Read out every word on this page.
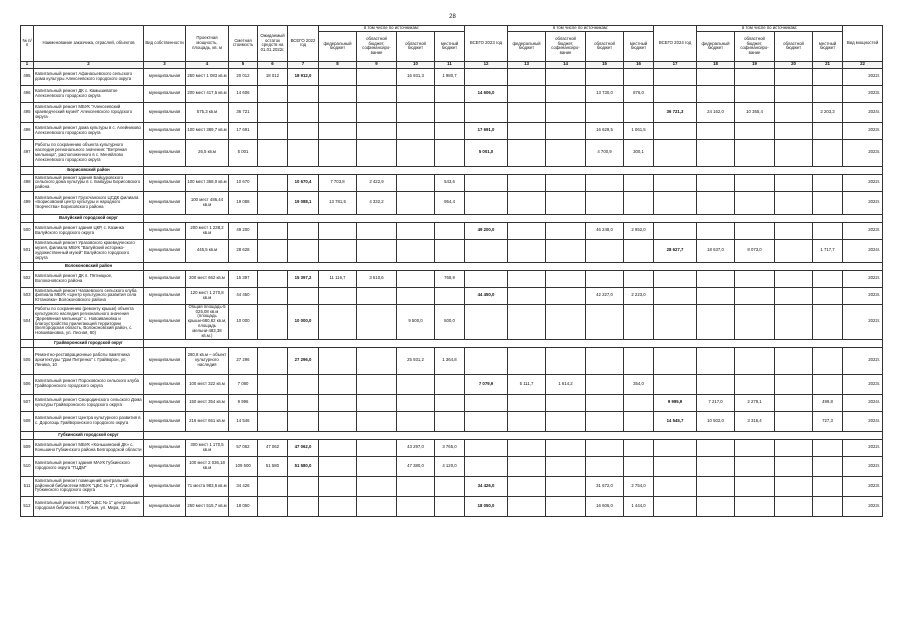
28
№ п/п	Наименование заказчика, отраслей, объектов	Вид собственности	Проектная мощность, площадь, кв. м	Сметная стоимость	Ожидаемый остаток средств на 01.01.2022г.	ВСЕГО 2022 год	в том числе по источникам:				ВСЕГО 2023 год	в том числе по источникам:				ВСЕГО 2024 год	в том числе по источникам:				Вид мощностей
							федеральный бюджет	областной бюджет, софинансиро-вание	областной бюджет	местный бюджет		федеральный бюджет	областной бюджет, софинансиро-вание	областной бюджет	местный бюджет		федеральный бюджет	областной бюджет, софинансиро-вание	областной бюджет	местный бюджет	
1	2	3	4	5	6	7	8	9	10	11	12	13	14	15	16	17	18	19	20	21	22
495	Капитальный ремонт Афанасьевского сельского дома культуры Алексеевского городского округа	муниципальная	250 мест 1 083 кв.м	20 012	18 012	18 912,0			16 931,3	1 980,7											2022г.
496	Капитальный ремонт ДК с. Камышеватое Алексеевского городского округа	муниципальная	200 мест 417,5 кв.м	14 606							14 606,0			13 730,0	876,0						2023г.
495	Капитальный ремонт МБУК "Алексеевский краеведческий музей" Алексеевского городского округа	муниципальная	575,3 кв.м	36 721												36 721,3	24 162,0	10 355,4		2 203,3	2024г.
496	Капитальный ремонт дома культуры в с. Алейниково Алексеевского городского округа	муниципальная	100 мест 389,7 кв.м	17 691							17 691,0			16 629,5	1 061,5						2023г.
497	Работы по сохранению объекта культурного наследия регионального значения: "Ветряная мельница", расположенного в с. Меняйлово Алексеевского городского округа	муниципальная	26,5 кв.м	5 001							5 001,0			4 700,9	300,1						2023г.
	Борисовский район																				
498	Капитальный ремонт здания Байцуровского сельского дома культуры в с. Байцуры Борисовского района	муниципальная	100 мест 368,0 кв.м	10 670		10 670,4	7 703,8	2 422,9		543,6											2022г.
499	Капитальный ремонт Грузсчанского ЦСДК филиала «Борисовский центр культуры и народного творчества» Борисовского района	муниципальная	100 мест 486,44 кв.м	19 088		19 088,1	13 781,5	4 332,2		954,4											2022г.
	Валуйский городской округ																				
500	Капитальный ремонт здания ЦКР, с. Казинка Валуйского городского округа	муниципальная	200 мест 1 238,2 кв.м	49 200							49 200,0			46 248,0	2 952,0						2023г.
501	Капитальный ремонт Уразовского краеведческого музея, филиала МБУК "Валуйский историко-художественный музей" Валуйского городского округа	муниципальная	445,5 кв.м	28 628												28 627,7	18 637,0	8 073,0		1 717,7	2024г.
	Волоконовский район																				
502	Капитальный ремонт ДК п. Пятницкое, Волоконовского района	муниципальная	200 мест 662 кв.м	15 397		15 397,2	11 116,7	3 510,6		769,9											2022г.
503	Капитальный ремонт Чапаевского сельского клуба филиала МБУК «Центр культурного развития села Ютановка» Волоконовского района	муниципальная	120 мест 1 270,8 кв.м	44 450							44 450,0			42 227,0	2 223,0						2023г.
504	Работы по сохранению (ремонту крыши) объекта культурного наследия регионального значения "Деревянная мельница" с. Новоивановка и благоустройство прилегающей территории (Белгородская область, Волоконовский район, с. Новоивановка, ул. Лесная, 80)	муниципальная	Общая площадь-5 025,08 кв.м (площадь крыши-680,82 кв.м, площадь мельни-483,38 кв.м.)	10 000		10 000,0			9 500,0	500,0											2022г.
	Грайворонский городской округ																				
505	Ремонтно-реставрационные работы памятника архитектуры "Дом Питренко" г. Грайворон, ул. Ленина, 10	муниципальная	280,8 кв.м – объект культурного наследия	27 296		27 296,0			25 931,2	1 364,8											2022г.
506	Капитальный ремонт Пороховского сельского клуба Грайворонского городского округа	муниципальная	100 мест 322 кв.м	7 080							7 079,9	5 111,7	1 614,2		354,0						2023г.
507	Капитальный ремонт Смородинского сельского Дома культуры Грайворонского городского округа	муниципальная	150 мест 354 кв.м	9 996												9 995,9	7 217,0	2 279,1		499,8	2024г.
508	Капитальный ремонт Центра культурного развития в с. Дорогощь Грайворонского городского округа	муниципальная	216 мест 661 кв.м	14 546												14 545,7	10 502,0	3 316,4		727,3	2024г.
	Губкинский городской округ																				
509	Капитальный ремонт МБУК «Коньшинский ДК» с. Коньшино Губкинского района Белгородской области	муниципальная	300 мест 1 170,5 кв.м	57 062	47 062	47 062,0			43 297,0	3 765,0											2022г.
510	Капитальный ремонт здания МАУК Губкинского городского округа "ГЦДМ"	муниципальная	100 мест 2 036,18 кв.м	109 500	51 580	51 580,0			47 380,0	4 120,0											2022г.
511	Капитальный ремонт помещений центральной районной библиотеки МБУК "ЦБС № 2", г. Троицкий Губкинского городского округа	муниципальная	71 места 983,6 кв.м	34 426							34 426,0			31 672,0	2 754,0						2023г.
512	Капитальный ремонт МБУК "ЦБС № 1" центральная городская библиотека, г. Губкин, ул. Мира, 22	муниципальная	250 мест 515,7 кв.м	18 050							18 050,0			16 606,0	1 444,0						2023г.
